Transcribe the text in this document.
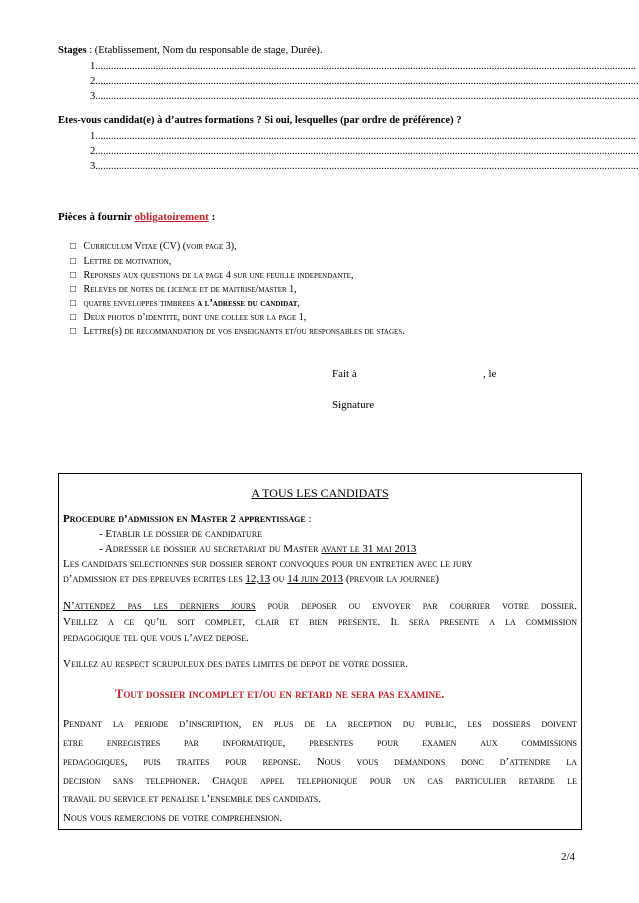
Stages : (Etablissement, Nom du responsable de stage, Durée).
1..............................................................................................................................................................................................................
2...............................................................................................................................................................................................................
3...............................................................................................................................................................................................................
Etes-vous candidat(e) à d’autres formations ? Si oui, lesquelles (par ordre de préférence) ?
1..............................................................................................................................................................................................................
2...............................................................................................................................................................................................................
3...............................................................................................................................................................................................................
Pièces à fournir obligatoirement :
□ Curriculum Vitae (CV) (voir page 3),
□ Lettre de motivation,
□ Reponses aux questions de la page 4 sur une feuille independante,
□ Releves de notes de licence et de maitrise/master 1,
□ quatre enveloppes timbrees a l’adresse du candidat,
□ Deux photos d’identite, dont une collee sur la page 1,
□ Lettre(s) de recommandation de vos enseignants et/ou responsables de stages.
Fait à	, le
Signature
A TOUS LES CANDIDATS
Procedure d’admission en Master 2 apprentissage :
- Etablir le dossier de candidature
- Adresser le dossier au secretariat du Master avant le 31 mai 2013
Les candidats selectionnes sur dossier seront convoques pour un entretien avec le jury
d’admission et des epreuves ecrites les 12,13 ou 14 juin 2013 (prevoir la journee)
N’attendez pas les derniers jours pour deposer ou envoyer par courrier votre dossier.
Veillez a ce qu’il soit complet, clair et bien presente. Il sera presente a la commission
pedagogique tel que vous l’avez depose.
Veillez au respect scrupuleux des dates limites de depot de votre dossier.
Tout dossier incomplet et/ou en retard ne sera pas examine.
Pendant la periode d’inscription, en plus de la reception du public, les dossiers doivent
etre enregistres par informatique, presentes pour examen aux commissions
pedagogiques, puis traites pour reponse. Nous vous demandons donc d’attendre la
decision sans telephoner. Chaque appel telephonique pour un cas particulier retarde le
travail du service et penalise l’ensemble des candidats.
Nous vous remercions de votre comprehension.
2/4
